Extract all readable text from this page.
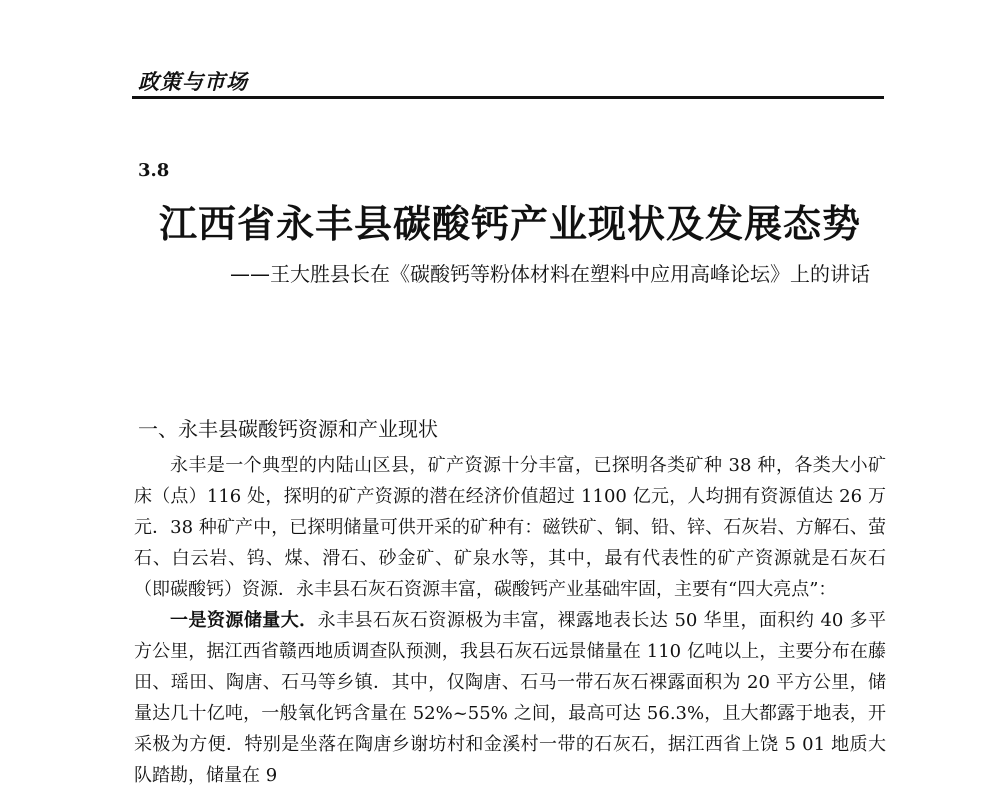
政策与市场
3.8
江西省永丰县碳酸钙产业现状及发展态势
——王大胜县长在《碳酸钙等粉体材料在塑料中应用高峰论坛》上的讲话
一、永丰县碳酸钙资源和产业现状

永丰是一个典型的内陆山区县，矿产资源十分丰富，已探明各类矿种 38 种，各类大小矿床（点）116 处，探明的矿产资源的潜在经济价值超过 1100 亿元，人均拥有资源值达 26 万元．38 种矿产中，已探明储量可供开采的矿种有：磁铁矿、铜、铅、锌、石灰岩、方解石、萤石、白云岩、钨、煤、滑石、砂金矿、矿泉水等，其中，最有代表性的矿产资源就是石灰石（即碳酸钙）资源．永丰县石灰石资源丰富，碳酸钙产业基础牢固，主要有“四大亮点”：

一是资源储量大．永丰县石灰石资源极为丰富，裸露地表长达 50 华里，面积约 40 多平方公里，据江西省赣西地质调查队预测，我县石灰石远景储量在 110 亿吨以上，主要分布在藤田、瑶田、陶唐、石马等乡镇．其中，仅陶唐、石马一带石灰石裸露面积为 20 平方公里，储量达几十亿吨，一般氧化钙含量在 52%~55% 之间，最高可达 56.3%，且大都露于地表，开采极为方便．特别是坐落在陶唐乡谢坊村和金溪村一带的石灰石，据江西省上饶 5 01 地质大队踏勘，储量在 9
